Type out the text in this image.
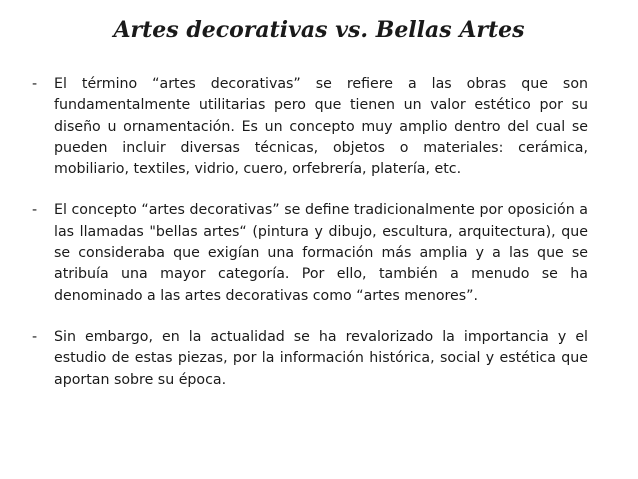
Artes decorativas vs. Bellas Artes
- El término “artes decorativas” se refiere a las obras que son fundamentalmente utilitarias pero que tienen un valor estético por su diseño u ornamentación. Es un concepto muy amplio dentro del cual se pueden incluir diversas técnicas, objetos o materiales: cerámica, mobiliario, textiles, vidrio, cuero, orfebrería, platería, etc.
- El concepto “artes decorativas” se define tradicionalmente por oposición a las llamadas "bellas artes“ (pintura y dibujo, escultura, arquitectura), que se consideraba que exigían una formación más amplia y a las que se atribuía una mayor categoría. Por ello, también a menudo se ha denominado a las artes decorativas como “artes menores”.
- Sin embargo, en la actualidad se ha revalorizado la importancia y el estudio de estas piezas, por la información histórica, social y estética que aportan sobre su época.
